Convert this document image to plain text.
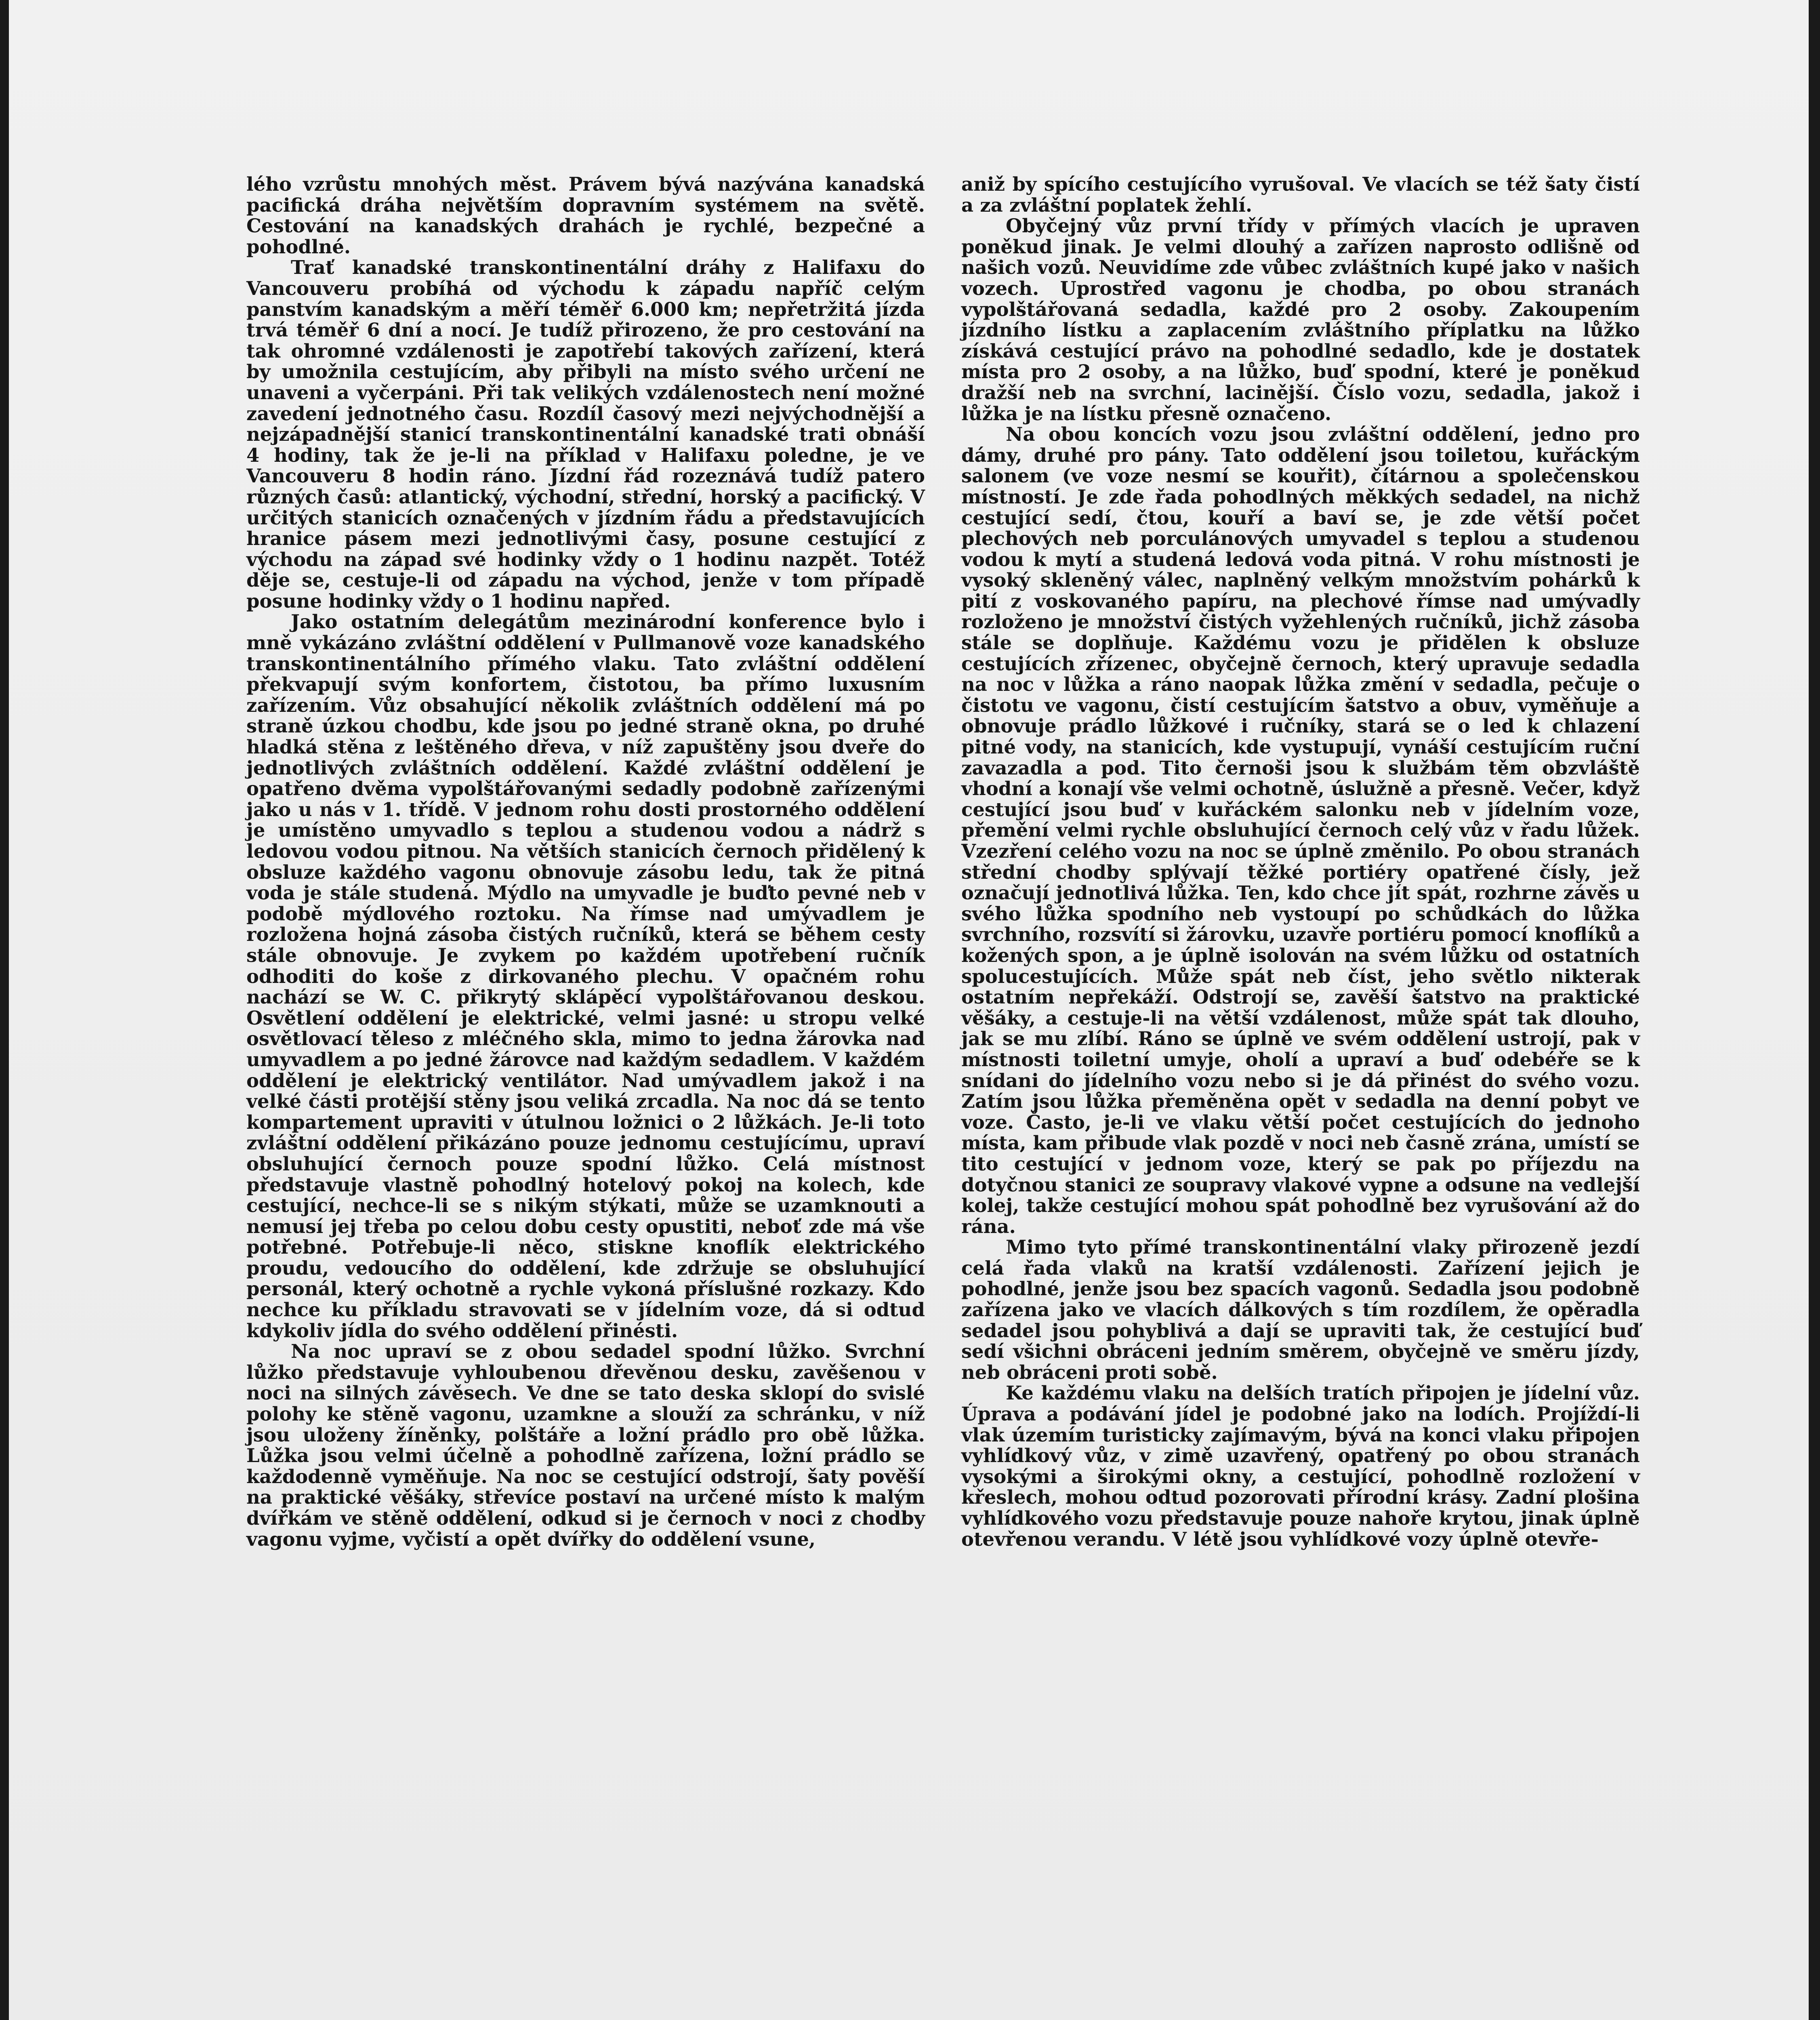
lého vzrůstu mnohých měst. Právem bývá nazývána kanadská pacifická dráha největším dopravním systémem na světě. Cestování na kanadských drahách je rychlé, bezpečné a pohodlné.

Trať kanadské transkontinentální dráhy z Halifaxu do Vancouveru probíhá od východu k západu napříč celým panstvím kanadským a měří téměř 6.000 km; nepřetržitá jízda trvá téměř 6 dní a nocí. Je tudíž přirozeno, že pro cestování na tak ohromné vzdálenosti je zapotřebí takových zařízení, která by umožnila cestujícím, aby přibyli na místo svého určení ne unaveni a vyčerpáni. Při tak velikých vzdálenostech není možné zavedení jednotného času. Rozdíl časový mezi nejvýchodnější a nejzápadnější stanicí transkontinentální kanadské trati obnáší 4 hodiny, tak že je-li na příklad v Halifaxu poledne, je ve Vancouveru 8 hodin ráno. Jízdní řád rozeznává tudíž patero různých časů: atlantický, východní, střední, horský a pacifický. V určitých stanicích označených v jízdním řádu a představujících hranice pásem mezi jednotlivými časy, posune cestující z východu na západ své hodinky vždy o 1 hodinu nazpět. Totéž děje se, cestuje-li od západu na východ, jenže v tom případě posune hodinky vždy o 1 hodinu napřed.

Jako ostatním delegátům mezinárodní konference bylo i mně vykázáno zvláštní oddělení v Pullmanově voze kanadského transkontinentálního přímého vlaku. Tato zvláštní oddělení překvapují svým konfortem, čistotou, ba přímo luxusním zařízením. Vůz obsahující několik zvláštních oddělení má po straně úzkou chodbu, kde jsou po jedné straně okna, po druhé hladká stěna z leštěného dřeva, v níž zapuštěny jsou dveře do jednotlivých zvláštních oddělení. Každé zvláštní oddělení je opatřeno dvěma vypolštářovanými sedadly podobně zařízenými jako u nás v 1. třídě. V jednom rohu dosti prostorného oddělení je umístěno umyvadlo s teplou a studenou vodou a nádrž s ledovou vodou pitnou. Na větších stanicích černoch přidělený k obsluze každého vagonu obnovuje zásobu ledu, tak že pitná voda je stále studená. Mýdlo na umyvadle je buďto pevné neb v podobě mýdlového roztoku. Na římse nad umývadlem je rozložena hojná zásoba čistých ručníků, která se během cesty stále obnovuje. Je zvykem po každém upotřebení ručník odhoditi do koše z dirkovaného plechu. V opačném rohu nachází se W. C. přikrytý sklápěcí vypolštářovanou deskou. Osvětlení oddělení je elektrické, velmi jasné: u stropu velké osvětlovací těleso z mléčného skla, mimo to jedna žárovka nad umyvadlem a po jedné žárovce nad každým sedadlem. V každém oddělení je elektrický ventilátor. Nad umývadlem jakož i na velké části protější stěny jsou veliká zrcadla. Na noc dá se tento kompartement upraviti v útulnou ložnici o 2 lůžkách. Je-li toto zvláštní oddělení přikázáno pouze jednomu cestujícímu, upraví obsluhující černoch pouze spodní lůžko. Celá místnost představuje vlastně pohodlný hotelový pokoj na kolech, kde cestující, nechce-li se s nikým stýkati, může se uzamknouti a nemusí jej třeba po celou dobu cesty opustiti, neboť zde má vše potřebné. Potřebuje-li něco, stiskne knoflík elektrického proudu, vedoucího do oddělení, kde zdržuje se obsluhující personál, který ochotně a rychle vykoná příslušné rozkazy. Kdo nechce ku příkladu stravovati se v jídelním voze, dá si odtud kdykoliv jídla do svého oddělení přinésti.

Na noc upraví se z obou sedadel spodní lůžko. Svrchní lůžko představuje vyhloubenou dřevěnou desku, zavěšenou v noci na silných závěsech. Ve dne se tato deska sklopí do svislé polohy ke stěně vagonu, uzamkne a slouží za schránku, v níž jsou uloženy žíněnky, polštáře a ložní prádlo pro obě lůžka. Lůžka jsou velmi účelně a pohodlně zařízena, ložní prádlo se každodenně vyměňuje. Na noc se cestující odstrojí, šaty pověší na praktické věšáky, střevíce postaví na určené místo k malým dvířkám ve stěně oddělení, odkud si je černoch v noci z chodby vagonu vyjme, vyčistí a opět dvířky do oddělení vsune,

aniž by spícího cestujícího vyrušoval. Ve vlacích se též šaty čistí a za zvláštní poplatek žehlí.

Obyčejný vůz první třídy v přímých vlacích je upraven poněkud jinak. Je velmi dlouhý a zařízen naprosto odlišně od našich vozů. Neuvidíme zde vůbec zvláštních kupé jako v našich vozech. Uprostřed vagonu je chodba, po obou stranách vypolštářovaná sedadla, každé pro 2 osoby. Zakoupením jízdního lístku a zaplacením zvláštního příplatku na lůžko získává cestující právo na pohodlné sedadlo, kde je dostatek místa pro 2 osoby, a na lůžko, buď spodní, které je poněkud dražší neb na svrchní, lacinější. Číslo vozu, sedadla, jakož i lůžka je na lístku přesně označeno.

Na obou koncích vozu jsou zvláštní oddělení, jedno pro dámy, druhé pro pány. Tato oddělení jsou toiletou, kuřáckým salonem (ve voze nesmí se kouřit), čítárnou a společenskou místností. Je zde řada pohodlných měkkých sedadel, na nichž cestující sedí, čtou, kouří a baví se, je zde větší počet plechových neb porculánových umyvadel s teplou a studenou vodou k mytí a studená ledová voda pitná. V rohu místnosti je vysoký skleněný válec, naplněný velkým množstvím pohárků k pití z voskovaného papíru, na plechové římse nad umývadly rozloženo je množství čistých vyžehlených ručníků, jichž zásoba stále se doplňuje. Každému vozu je přidělen k obsluze cestujících zřízenec, obyčejně černoch, který upravuje sedadla na noc v lůžka a ráno naopak lůžka změní v sedadla, pečuje o čistotu ve vagonu, čistí cestujícím šatstvo a obuv, vyměňuje a obnovuje prádlo lůžkové i ručníky, stará se o led k chlazení pitné vody, na stanicích, kde vystupují, vynáší cestujícím ruční zavazadla a pod. Tito černoši jsou k službám těm obzvláště vhodní a konají vše velmi ochotně, úslužně a přesně. Večer, když cestující jsou buď v kuřáckém salonku neb v jídelním voze, přemění velmi rychle obsluhující černoch celý vůz v řadu lůžek. Vzezření celého vozu na noc se úplně změnilo. Po obou stranách střední chodby splývají těžké portiéry opatřené čísly, jež označují jednotlivá lůžka. Ten, kdo chce jít spát, rozhrne závěs u svého lůžka spodního neb vystoupí po schůdkách do lůžka svrchního, rozsvítí si žárovku, uzavře portiéru pomocí knoflíků a kožených spon, a je úplně isolován na svém lůžku od ostatních spolucestujících. Může spát neb číst, jeho světlo nikterak ostatním nepřekáží. Odstrojí se, zavěší šatstvo na praktické věšáky, a cestuje-li na větší vzdálenost, může spát tak dlouho, jak se mu zlíbí. Ráno se úplně ve svém oddělení ustrojí, pak v místnosti toiletní umyje, oholí a upraví a buď odebéře se k snídani do jídelního vozu nebo si je dá přinést do svého vozu. Zatím jsou lůžka přeměněna opět v sedadla na denní pobyt ve voze. Často, je-li ve vlaku větší počet cestujících do jednoho místa, kam přibude vlak pozdě v noci neb časně zrána, umístí se tito cestující v jednom voze, který se pak po příjezdu na dotyčnou stanici ze soupravy vlakové vypne a odsune na vedlejší kolej, takže cestující mohou spát pohodlně bez vyrušování až do rána.

Mimo tyto přímé transkontinentální vlaky přirozeně jezdí celá řada vlaků na kratší vzdálenosti. Zařízení jejich je pohodlné, jenže jsou bez spacích vagonů. Sedadla jsou podobně zařízena jako ve vlacích dálkových s tím rozdílem, že opěradla sedadel jsou pohyblivá a dají se upraviti tak, že cestující buď sedí všichni obráceni jedním směrem, obyčejně ve směru jízdy, neb obráceni proti sobě.

Ke každému vlaku na delších tratích připojen je jídelní vůz. Úprava a podávání jídel je podobné jako na lodích. Projíždí-li vlak územím turisticky zajímavým, bývá na konci vlaku připojen vyhlídkový vůz, v zimě uzavřený, opatřený po obou stranách vysokými a širokými okny, a cestující, pohodlně rozložení v křeslech, mohou odtud pozorovati přírodní krásy. Zadní plošina vyhlídkového vozu představuje pouze nahoře krytou, jinak úplně otevřenou verandu. V létě jsou vyhlídkové vozy úplně otevře-
